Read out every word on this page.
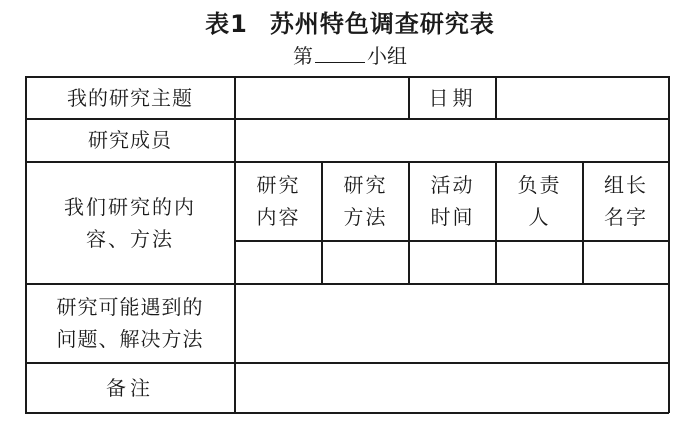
表1 苏州特色调查研究表
第	小组
我的研究主题	日期
研究成员
我们研究的内
容、方法
研究
内容
研究
方法
活动
时间
负责
人
组长
名字
研究可能遇到的
问题、解决方法
备注
